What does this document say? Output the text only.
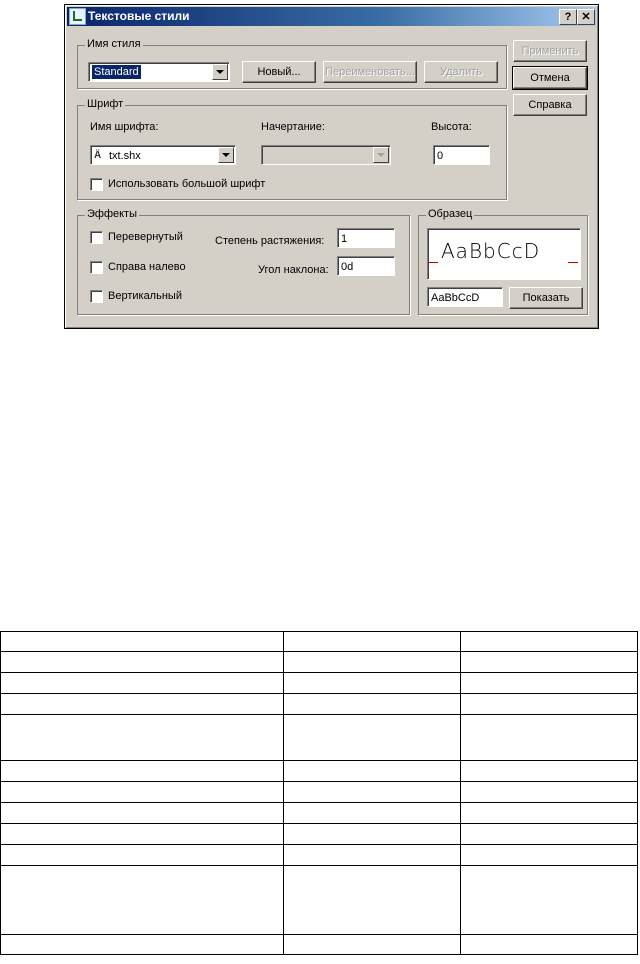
Текстовые стили	? ✕
Имя стиля
Standard	Новый...	Переименовать...	Удалить
Применить
Отмена
Справка
Шрифт
Имя шрифта:	Начертание:	Высота:
Ä txt.shx	0
Использовать большой шрифт
Эффекты
Перевернутый
Справа налево
Вертикальный
Степень растяжения:	1
Угол наклона:	0d
Образец
AaBbCcD
AaBbCcD	Показать
